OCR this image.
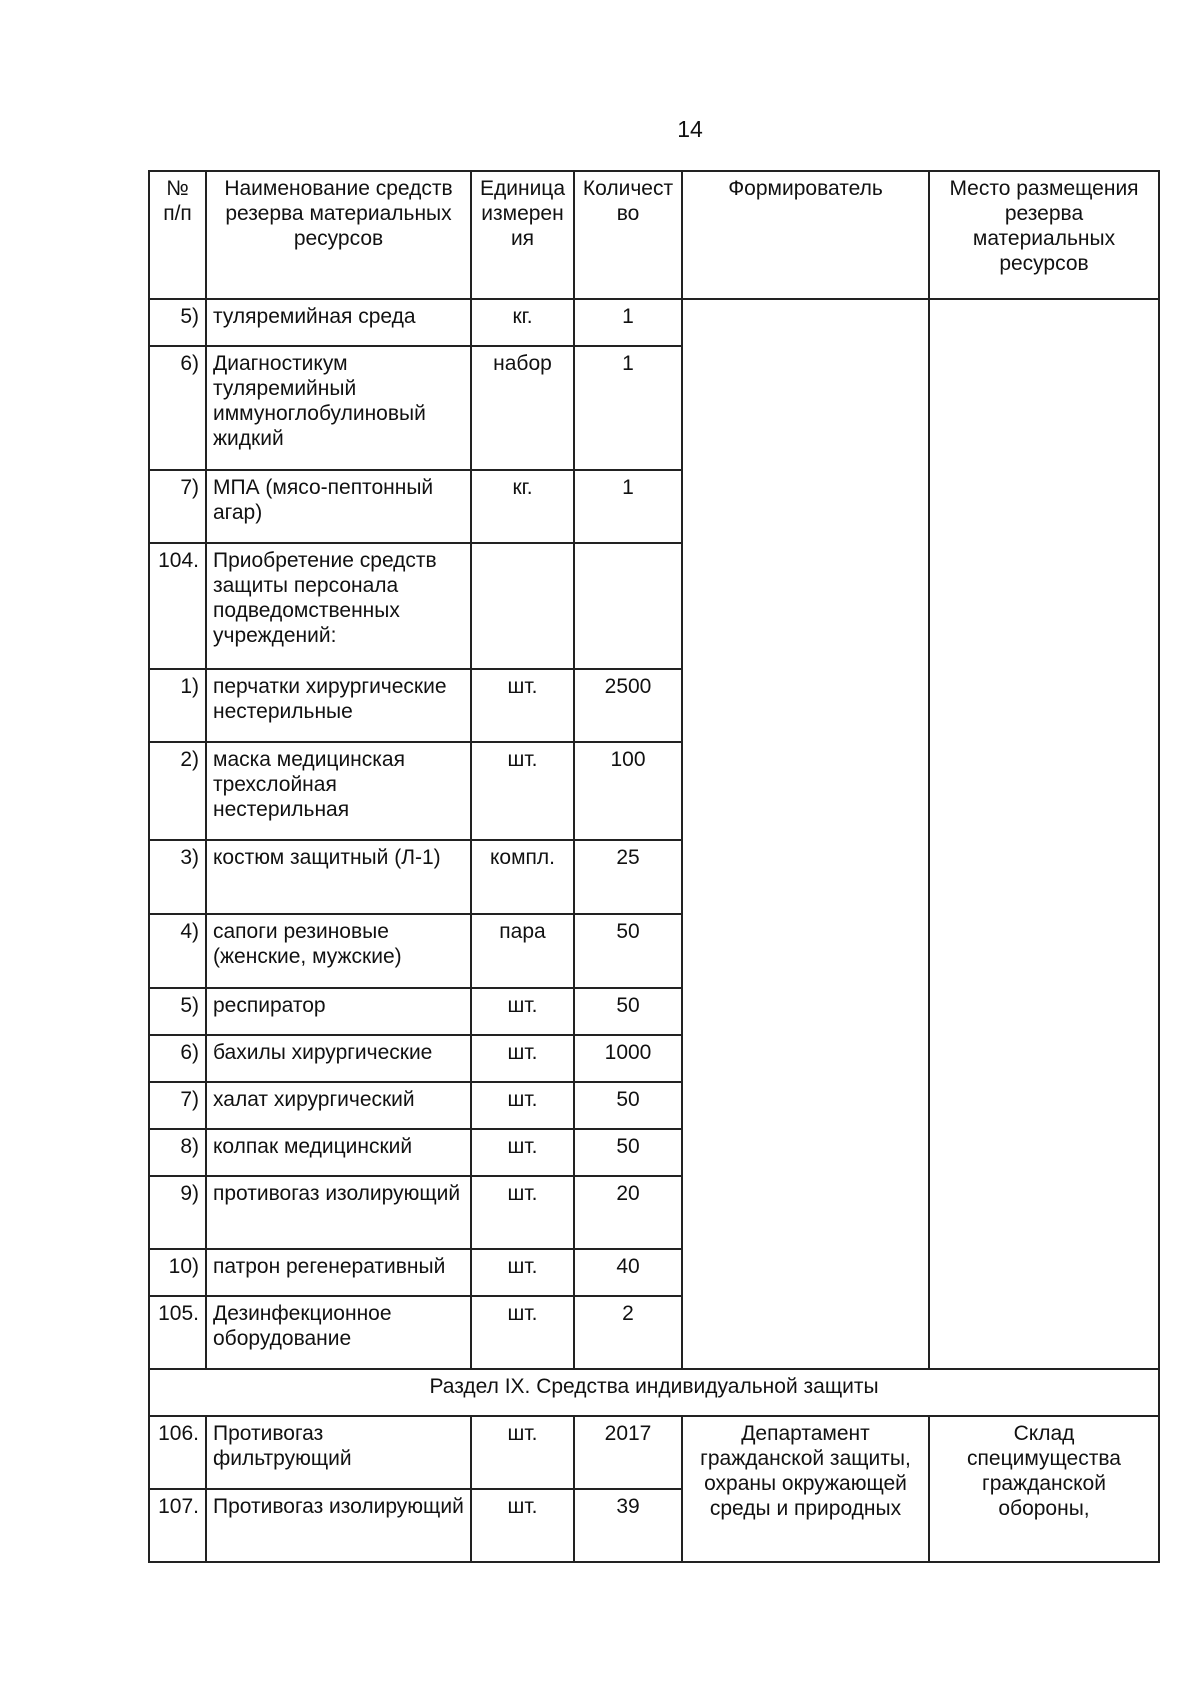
14
№ п/п	Наименование средств резерва материальных ресурсов	Единица измерен ия	Количест во	Формирователь	Место размещения резерва материальных ресурсов
5)	туляремийная среда	кг.	1		
6)	Диагностикум туляремийный иммуноглобулиновый жидкий	набор	1		
7)	МПА (мясо-пептонный агар)	кг.	1		
104.	Приобретение средств защиты персонала подведомственных учреждений:				
1)	перчатки хирургические нестерильные	шт.	2500		
2)	маска медицинская трехслойная нестерильная	шт.	100		
3)	костюм защитный (Л-1)	компл.	25		
4)	сапоги резиновые (женские, мужские)	пара	50		
5)	респиратор	шт.	50		
6)	бахилы хирургические	шт.	1000		
7)	халат хирургический	шт.	50		
8)	колпак медицинский	шт.	50		
9)	противогаз изолирующий	шт.	20		
10)	патрон регенеративный	шт.	40		
105.	Дезинфекционное оборудование	шт.	2		
Раздел IX. Средства индивидуальной защиты					
106.	Противогаз фильтрующий	шт.	2017	Департамент гражданской защиты, охраны окружающей среды и природных	Склад специмущества гражданской обороны,
107.	Противогаз изолирующий	шт.	39		
